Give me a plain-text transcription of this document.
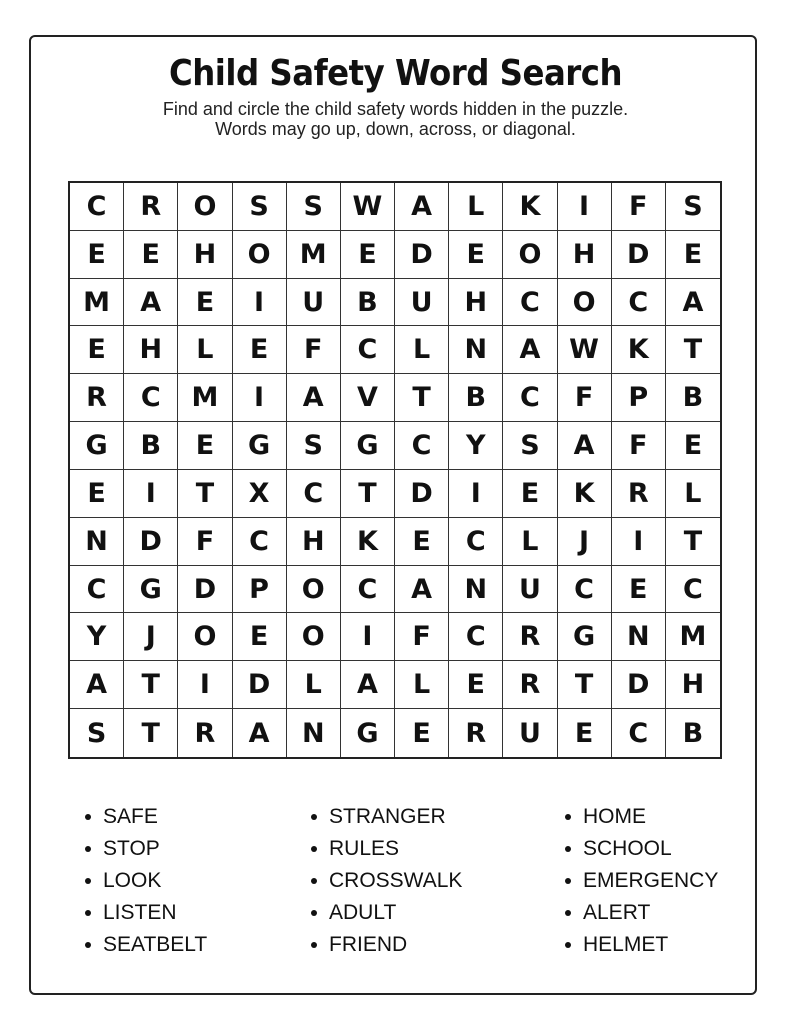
Child Safety Word Search
Find and circle the child safety words hidden in the puzzle.
Words may go up, down, across, or diagonal.
C	R	O	S	S	W	A	L	K	I	F	S
E	E	H	O	M	E	D	E	O	H	D	E
M	A	E	I	U	B	U	H	C	O	C	A
E	H	L	E	F	C	L	N	A	W	K	T
R	C	M	I	A	V	T	B	C	F	P	B
G	B	E	G	S	G	C	Y	S	A	F	E
E	I	T	X	C	T	D	I	E	K	R	L
N	D	F	C	H	K	E	C	L	J	I	T
C	G	D	P	O	C	A	N	U	C	E	C
Y	J	O	E	O	I	F	C	R	G	N	M
A	T	I	D	L	A	L	E	R	T	D	H
S	T	R	A	N	G	E	R	U	E	C	B
SAFE
STOP
LOOK
LISTEN
SEATBELT
STRANGER
RULES
CROSSWALK
ADULT
FRIEND
HOME
SCHOOL
EMERGENCY
ALERT
HELMET
